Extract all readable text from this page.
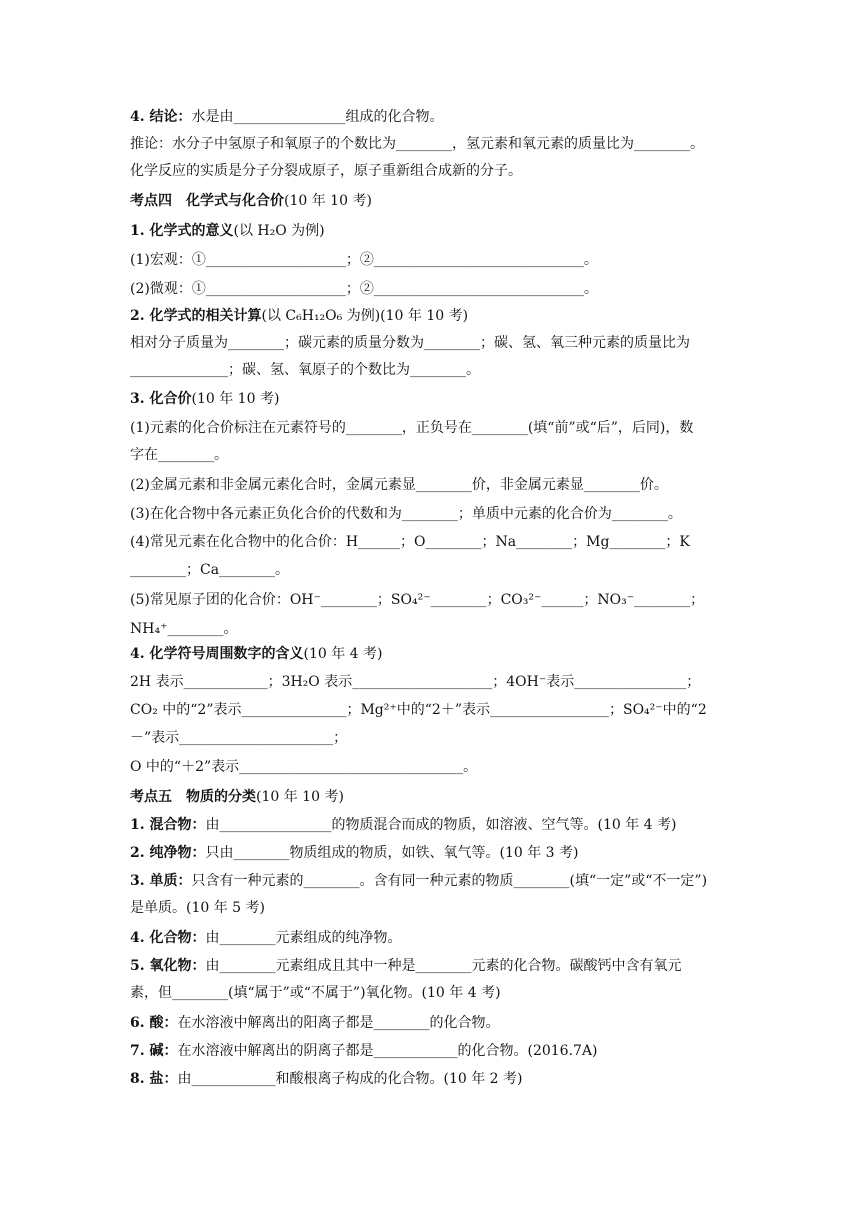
4. 结论：水是由________________组成的化合物。
推论：水分子中氢原子和氧原子的个数比为________，氢元素和氧元素的质量比为________。
化学反应的实质是分子分裂成原子，原子重新组合成新的分子。
考点四　化学式与化合价(10 年 10 考)
1. 化学式的意义(以 H₂O 为例)
(1)宏观：①____________________；②______________________________。
(2)微观：①____________________；②______________________________。
2. 化学式的相关计算(以 C₆H₁₂O₆ 为例)(10 年 10 考)
相对分子质量为________；碳元素的质量分数为________；碳、氢、氧三种元素的质量比为
______________；碳、氢、氧原子的个数比为________。
3. 化合价(10 年 10 考)
(1)元素的化合价标注在元素符号的________，正负号在________(填“前”或“后”，后同)，数
字在________。
(2)金属元素和非金属元素化合时，金属元素显________价，非金属元素显________价。
(3)在化合物中各元素正负化合价的代数和为________；单质中元素的化合价为________。
(4)常见元素在化合物中的化合价：H______；O________；Na________；Mg________；K
________；Ca________。
(5)常见原子团的化合价：OH⁻________；SO₄²⁻________；CO₃²⁻______；NO₃⁻________；
NH₄⁺________。
4. 化学符号周围数字的含义(10 年 4 考)
2H 表示____________；3H₂O 表示____________________；4OH⁻表示________________；
CO₂ 中的“2”表示_______________；Mg²⁺中的“2＋”表示_________________；SO₄²⁻中的“2
－”表示______________________；
O 中的“＋2”表示________________________________。
考点五　物质的分类(10 年 10 考)
1. 混合物：由________________的物质混合而成的物质，如溶液、空气等。(10 年 4 考)
2. 纯净物：只由________物质组成的物质，如铁、氧气等。(10 年 3 考)
3. 单质：只含有一种元素的________。含有同一种元素的物质________(填“一定”或“不一定”)
是单质。(10 年 5 考)
4. 化合物：由________元素组成的纯净物。
5. 氧化物：由________元素组成且其中一种是________元素的化合物。碳酸钙中含有氧元
素，但________(填“属于”或“不属于”)氧化物。(10 年 4 考)
6. 酸：在水溶液中解离出的阳离子都是________的化合物。
7. 碱：在水溶液中解离出的阴离子都是____________的化合物。(2016.7A)
8. 盐：由____________和酸根离子构成的化合物。(10 年 2 考)
